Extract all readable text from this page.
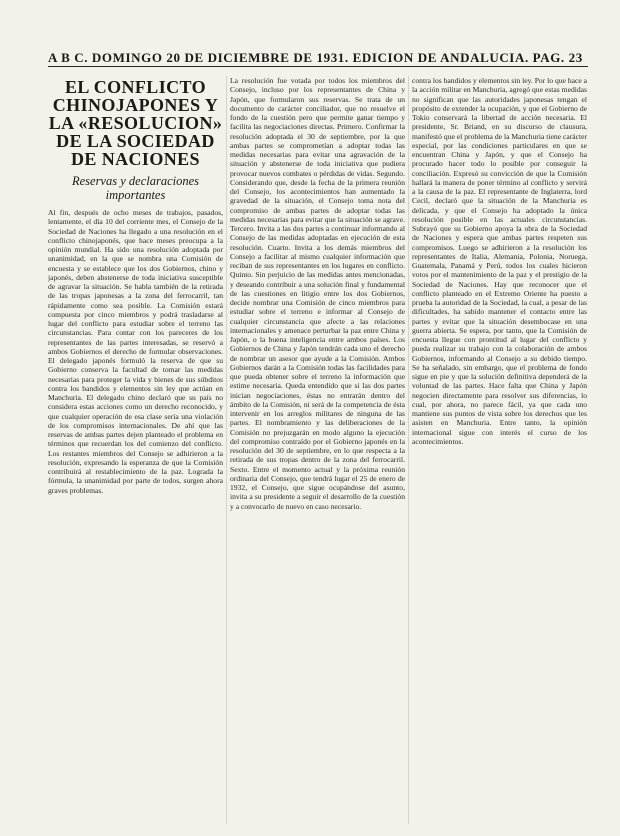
A B C. DOMINGO 20 DE DICIEMBRE DE 1931. EDICION DE ANDALUCIA. PAG. 23
EL CONFLICTO CHINOJAPONES Y LA «RESOLUCION» DE LA SOCIEDAD DE NACIONES
Reservas y declaraciones importantes

Al fin, después de ocho meses de trabajos, pasados, lentamente, el día 10 del corriente mes, el Consejo de la Sociedad de Naciones ha llegado a una resolución en el conflicto chinojaponés, que hace meses preocupa a la opinión mundial. Ha sido una resolución adoptada por unanimidad, en la que se nombra una Comisión de encuesta y se establece que los dos Gobiernos, chino y japonés, deben abstenerse de toda iniciativa susceptible de agravar la situación. Se habla también de la retirada de las tropas japonesas a la zona del ferrocarril, tan rápidamente como sea posible. La Comisión estará compuesta por cinco miembros y podrá trasladarse al lugar del conflicto para estudiar sobre el terreno las circunstancias. Para contar con los pareceres de los representantes de las partes interesadas, se reservó a ambos Gobiernos el derecho de formular observaciones. El delegado japonés formuló la reserva de que su Gobierno conserva la facultad de tomar las medidas necesarias para proteger la vida y bienes de sus súbditos contra los bandidos y elementos sin ley que actúan en Manchuria. El delegado chino declaró que su país no considera estas acciones como un derecho reconocido, y que cualquier operación de esa clase sería una violación de los compromisos internacionales. De ahí que las reservas de ambas partes dejen planteado el problema en términos que recuerdan los del comienzo del conflicto. Los restantes miembros del Consejo se adhirieron a la resolución, expresando la esperanza de que la Comisión contribuirá al restablecimiento de la paz. Lograda la fórmula, la unanimidad por parte de todos, surgen ahora graves problemas.

La resolución fue votada por todos los miembros del Consejo, incluso por los representantes de China y Japón, que formularon sus reservas. Se trata de un documento de carácter conciliador, que no resuelve el fondo de la cuestión pero que permite ganar tiempo y facilita las negociaciones directas. Primero. Confirmar la resolución adoptada el 30 de septiembre, por la que ambas partes se comprometían a adoptar todas las medidas necesarias para evitar una agravación de la situación y abstenerse de toda iniciativa que pudiera provocar nuevos combates o pérdidas de vidas. Segundo. Considerando que, desde la fecha de la primera reunión del Consejo, los acontecimientos han aumentado la gravedad de la situación, el Consejo toma nota del compromiso de ambas partes de adoptar todas las medidas necesarias para evitar que la situación se agrave. Tercero. Invita a las dos partes a continuar informando al Consejo de las medidas adoptadas en ejecución de esta resolución. Cuarto. Invita a los demás miembros del Consejo a facilitar al mismo cualquier información que reciban de sus representantes en los lugares en conflicto. Quinto. Sin perjuicio de las medidas antes mencionadas, y deseando contribuir a una solución final y fundamental de las cuestiones en litigio entre los dos Gobiernos, decide nombrar una Comisión de cinco miembros para estudiar sobre el terreno e informar al Consejo de cualquier circunstancia que afecte a las relaciones internacionales y amenace perturbar la paz entre China y Japón, o la buena inteligencia entre ambos países. Los Gobiernos de China y Japón tendrán cada uno el derecho de nombrar un asesor que ayude a la Comisión. Ambos Gobiernos darán a la Comisión todas las facilidades para que pueda obtener sobre el terreno la información que estime necesaria. Queda entendido que si las dos partes inician negociaciones, éstas no entrarán dentro del ámbito de la Comisión, ni será de la competencia de ésta intervenir en los arreglos militares de ninguna de las partes. El nombramiento y las deliberaciones de la Comisión no prejuzgarán en modo alguno la ejecución del compromiso contraído por el Gobierno japonés en la resolución del 30 de septiembre, en lo que respecta a la retirada de sus tropas dentro de la zona del ferrocarril. Sexto. Entre el momento actual y la próxima reunión ordinaria del Consejo, que tendrá lugar el 25 de enero de 1932, el Consejo, que sigue ocupándose del asunto, invita a su presidente a seguir el desarrollo de la cuestión y a convocarlo de nuevo en caso necesario.

contra los bandidos y elementos sin ley. Por lo que hace a la acción militar en Manchuria, agregó que estas medidas no significan que las autoridades japonesas tengan el propósito de extender la ocupación, y que el Gobierno de Tokio conservará la libertad de acción necesaria. El presidente, Sr. Briand, en su discurso de clausura, manifestó que el problema de la Manchuria tiene carácter especial, por las condiciones particulares en que se encuentran China y Japón, y que el Consejo ha procurado hacer todo lo posible por conseguir la conciliación. Expresó su convicción de que la Comisión hallará la manera de poner término al conflicto y servirá a la causa de la paz. El representante de Inglaterra, lord Cecil, declaró que la situación de la Manchuria es delicada, y que el Consejo ha adoptado la única resolución posible en las actuales circunstancias. Subrayó que su Gobierno apoya la obra de la Sociedad de Naciones y espera que ambas partes respeten sus compromisos. Luego se adhirieron a la resolución los representantes de Italia, Alemania, Polonia, Noruega, Guatemala, Panamá y Perú, todos los cuales hicieron votos por el mantenimiento de la paz y el prestigio de la Sociedad de Naciones. Hay que reconocer que el conflicto planteado en el Extremo Oriente ha puesto a prueba la autoridad de la Sociedad, la cual, a pesar de las dificultades, ha sabido mantener el contacto entre las partes y evitar que la situación desembocase en una guerra abierta. Se espera, por tanto, que la Comisión de encuesta llegue con prontitud al lugar del conflicto y pueda realizar su trabajo con la colaboración de ambos Gobiernos, informando al Consejo a su debido tiempo. Se ha señalado, sin embargo, que el problema de fondo sigue en pie y que la solución definitiva dependerá de la voluntad de las partes. Hace falta que China y Japón negocien directamente para resolver sus diferencias, lo cual, por ahora, no parece fácil, ya que cada uno mantiene sus puntos de vista sobre los derechos que les asisten en Manchuria. Entre tanto, la opinión internacional sigue con interés el curso de los acontecimientos.
